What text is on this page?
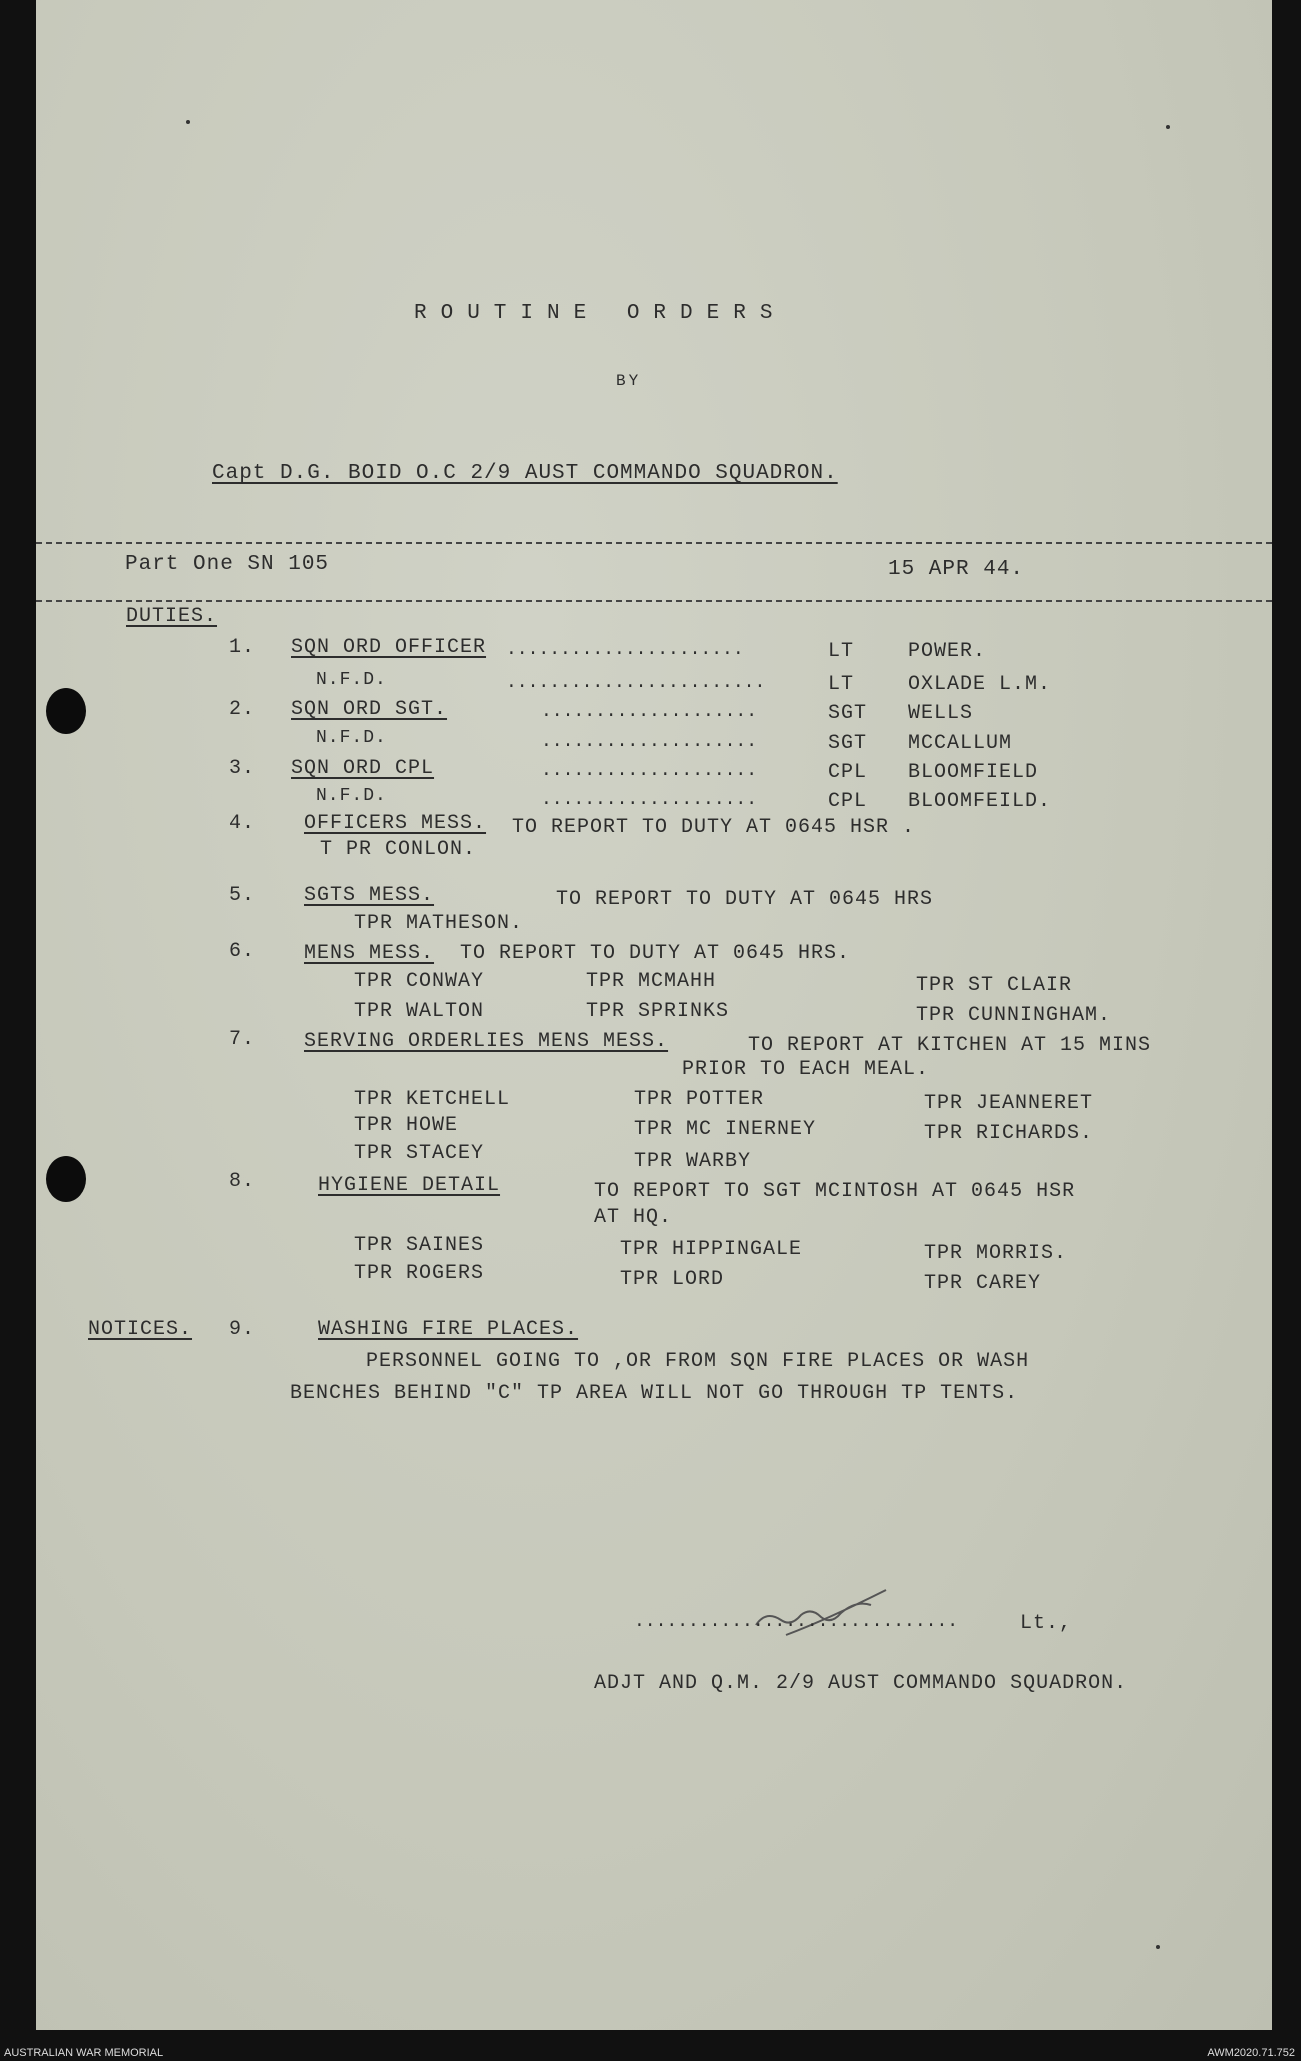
ROUTINE ORDERS
BY
Capt D.G. BOID O.C 2/9 AUST COMMANDO SQUADRON.
Part One SN 105	15 APR 44.
DUTIES.
1. SQN ORD OFFICER ......................	LT	POWER.
N.F.D.	........................	LT	OXLADE L.M.
2. SQN ORD SGT.	....................	SGT WELLS
N.F.D.	....................	SGT MCCALLUM
3. SQN ORD CPL	....................	CPL BLOOMFIELD
N.F.D.	....................	CPL BLOOMFEILD.
4. OFFICERS MESS. TO REPORT TO DUTY AT 0645 HSR .
T PR CONLON.
5. SGTS MESS.	TO REPORT TO DUTY AT 0645 HRS
TPR MATHESON.
6. MENS MESS. TO REPORT TO DUTY AT 0645 HRS.
TPR CONWAY	TPR MCMAHH	TPR ST CLAIR
TPR WALTON	TPR SPRINKS	TPR CUNNINGHAM.
7. SERVING ORDERLIES MENS MESS.	TO REPORT AT KITCHEN AT 15 MINS
PRIOR TO EACH MEAL.
TPR KETCHELL	TPR POTTER	TPR JEANNERET
TPR HOWE	TPR MC INERNEY	TPR RICHARDS.
TPR STACEY	TPR WARBY
8.	HYGIENE DETAIL	TO REPORT TO SGT MCINTOSH AT 0645 HSR
AT HQ.
TPR SAINES	TPR HIPPINGALE	TPR MORRIS.
TPR ROGERS	TPR LORD	TPR CAREY
NOTICES. 9.	WASHING FIRE PLACES.
PERSONNEL GOING TO ,OR FROM SQN FIRE PLACES OR WASH
BENCHES BEHIND "C" TP AREA WILL NOT GO THROUGH TP TENTS.
..............................	Lt.,
ADJT AND Q.M. 2/9 AUST COMMANDO SQUADRON.
AUSTRALIAN WAR MEMORIAL	AWM2020.71.752
